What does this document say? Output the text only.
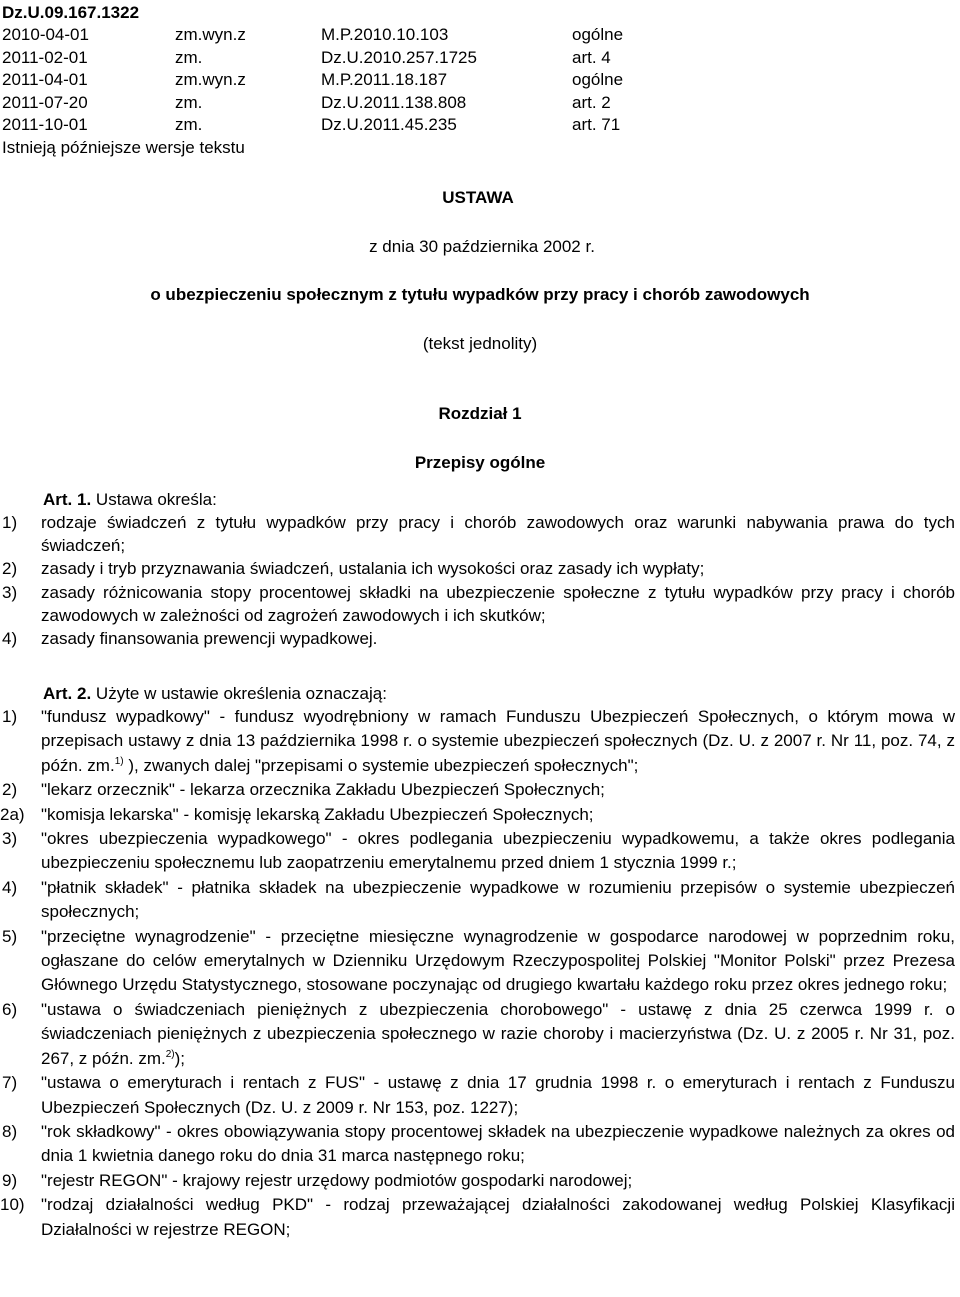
Dz.U.09.167.1322
2010-04-01	zm.wyn.z	M.P.2010.10.103	ogólne
2011-02-01	zm.	Dz.U.2010.257.1725	art. 4
2011-04-01	zm.wyn.z	M.P.2011.18.187	ogólne
2011-07-20	zm.	Dz.U.2011.138.808	art. 2
2011-10-01	zm.	Dz.U.2011.45.235	art. 71
Istnieją późniejsze wersje tekstu
USTAWA
z dnia 30 października 2002 r.
o ubezpieczeniu społecznym z tytułu wypadków przy pracy i chorób zawodowych
(tekst jednolity)
Rozdział 1
Przepisy ogólne
Art. 1. Ustawa określa:
1) rodzaje świadczeń z tytułu wypadków przy pracy i chorób zawodowych oraz warunki nabywania prawa do tych świadczeń;
2) zasady i tryb przyznawania świadczeń, ustalania ich wysokości oraz zasady ich wypłaty;
3) zasady różnicowania stopy procentowej składki na ubezpieczenie społeczne z tytułu wypadków przy pracy i chorób zawodowych w zależności od zagrożeń zawodowych i ich skutków;
4) zasady finansowania prewencji wypadkowej.
Art. 2. Użyte w ustawie określenia oznaczają:
1) "fundusz wypadkowy" - fundusz wyodrębniony w ramach Funduszu Ubezpieczeń Społecznych, o którym mowa w przepisach ustawy z dnia 13 października 1998 r. o systemie ubezpieczeń społecznych (Dz. U. z 2007 r. Nr 11, poz. 74, z późn. zm.$^{1)}$ ), zwanych dalej "przepisami o systemie ubezpieczeń społecznych";
2) "lekarz orzecznik" - lekarza orzecznika Zakładu Ubezpieczeń Społecznych;
2a) "komisja lekarska" - komisję lekarską Zakładu Ubezpieczeń Społecznych;
3) "okres ubezpieczenia wypadkowego" - okres podlegania ubezpieczeniu wypadkowemu, a także okres podlegania ubezpieczeniu społecznemu lub zaopatrzeniu emerytalnemu przed dniem 1 stycznia 1999 r.;
4) "płatnik składek" - płatnika składek na ubezpieczenie wypadkowe w rozumieniu przepisów o systemie ubezpieczeń społecznych;
5) "przeciętne wynagrodzenie" - przeciętne miesięczne wynagrodzenie w gospodarce narodowej w poprzednim roku, ogłaszane do celów emerytalnych w Dzienniku Urzędowym Rzeczypospolitej Polskiej "Monitor Polski" przez Prezesa Głównego Urzędu Statystycznego, stosowane poczynając od drugiego kwartału każdego roku przez okres jednego roku;
6) "ustawa o świadczeniach pieniężnych z ubezpieczenia chorobowego" - ustawę z dnia 25 czerwca 1999 r. o świadczeniach pieniężnych z ubezpieczenia społecznego w razie choroby i macierzyństwa (Dz. U. z 2005 r. Nr 31, poz. 267, z późn. zm.$^{2)}$);
7) "ustawa o emeryturach i rentach z FUS" - ustawę z dnia 17 grudnia 1998 r. o emeryturach i rentach z Funduszu Ubezpieczeń Społecznych (Dz. U. z 2009 r. Nr 153, poz. 1227);
8) "rok składkowy" - okres obowiązywania stopy procentowej składek na ubezpieczenie wypadkowe należnych za okres od dnia 1 kwietnia danego roku do dnia 31 marca następnego roku;
9) "rejestr REGON" - krajowy rejestr urzędowy podmiotów gospodarki narodowej;
10) "rodzaj działalności według PKD" - rodzaj przeważającej działalności zakodowanej według Polskiej Klasyfikacji Działalności w rejestrze REGON;
